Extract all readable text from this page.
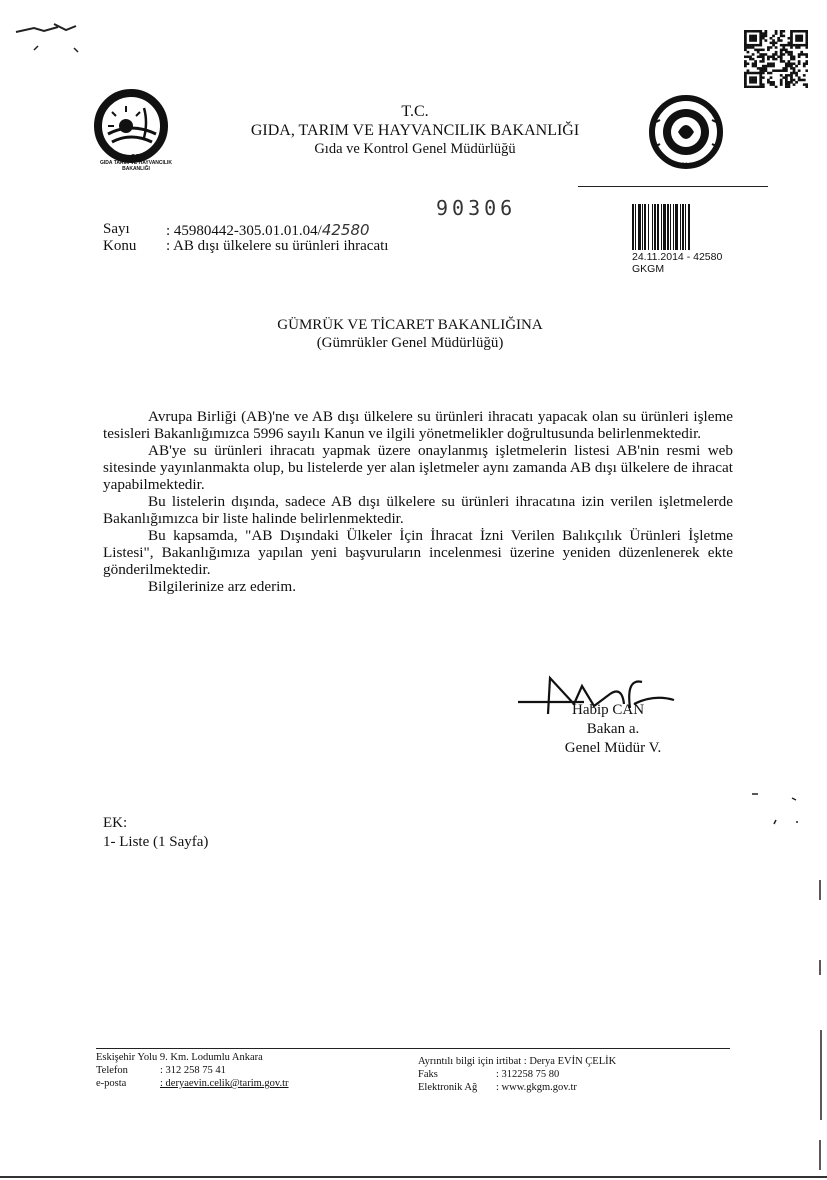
T.C.
GIDA TARIM VE HAYVANCILIK
BAKANLIĞI
T.C.
GIDA, TARIM VE HAYVANCILIK BAKANLIĞI
Gıda ve Kontrol Genel Müdürlüğü
2014
90306
24.11.2014 - 42580
GKGM
Sayı : 45980442-305.01.01.04/42580
Konu : AB dışı ülkelere su ürünleri ihracatı
GÜMRÜK VE TİCARET BAKANLIĞINA
(Gümrükler Genel Müdürlüğü)

Avrupa Birliği (AB)'ne ve AB dışı ülkelere su ürünleri ihracatı yapacak olan su ürünleri işleme tesisleri Bakanlığımızca 5996 sayılı Kanun ve ilgili yönetmelikler doğrultusunda belirlenmektedir.

AB'ye su ürünleri ihracatı yapmak üzere onaylanmış işletmelerin listesi AB'nin resmi web sitesinde yayınlanmakta olup, bu listelerde yer alan işletmeler aynı zamanda AB dışı ülkelere de ihracat yapabilmektedir.

Bu listelerin dışında, sadece AB dışı ülkelere su ürünleri ihracatına izin verilen işletmelerde Bakanlığımızca bir liste halinde belirlenmektedir.

Bu kapsamda, "AB Dışındaki Ülkeler İçin İhracat İzni Verilen Balıkçılık Ürünleri İşletme Listesi", Bakanlığımıza yapılan yeni başvuruların incelenmesi üzerine yeniden düzenlenerek ekte gönderilmektedir.

Bilgilerinize arz ederim.

Habip CAN
Bakan a.
Genel Müdür V.
EK:
1- Liste (1 Sayfa)
Eskişehir Yolu 9. Km. Lodumlu Ankara
Telefon	: 312 258 75 41
e-posta	: deryaevin.celik@tarim.gov.tr
Ayrıntılı bilgi için irtibat : Derya EVİN ÇELİK
Faks	: 312258 75 80
Elektronik Ağ : www.gkgm.gov.tr
